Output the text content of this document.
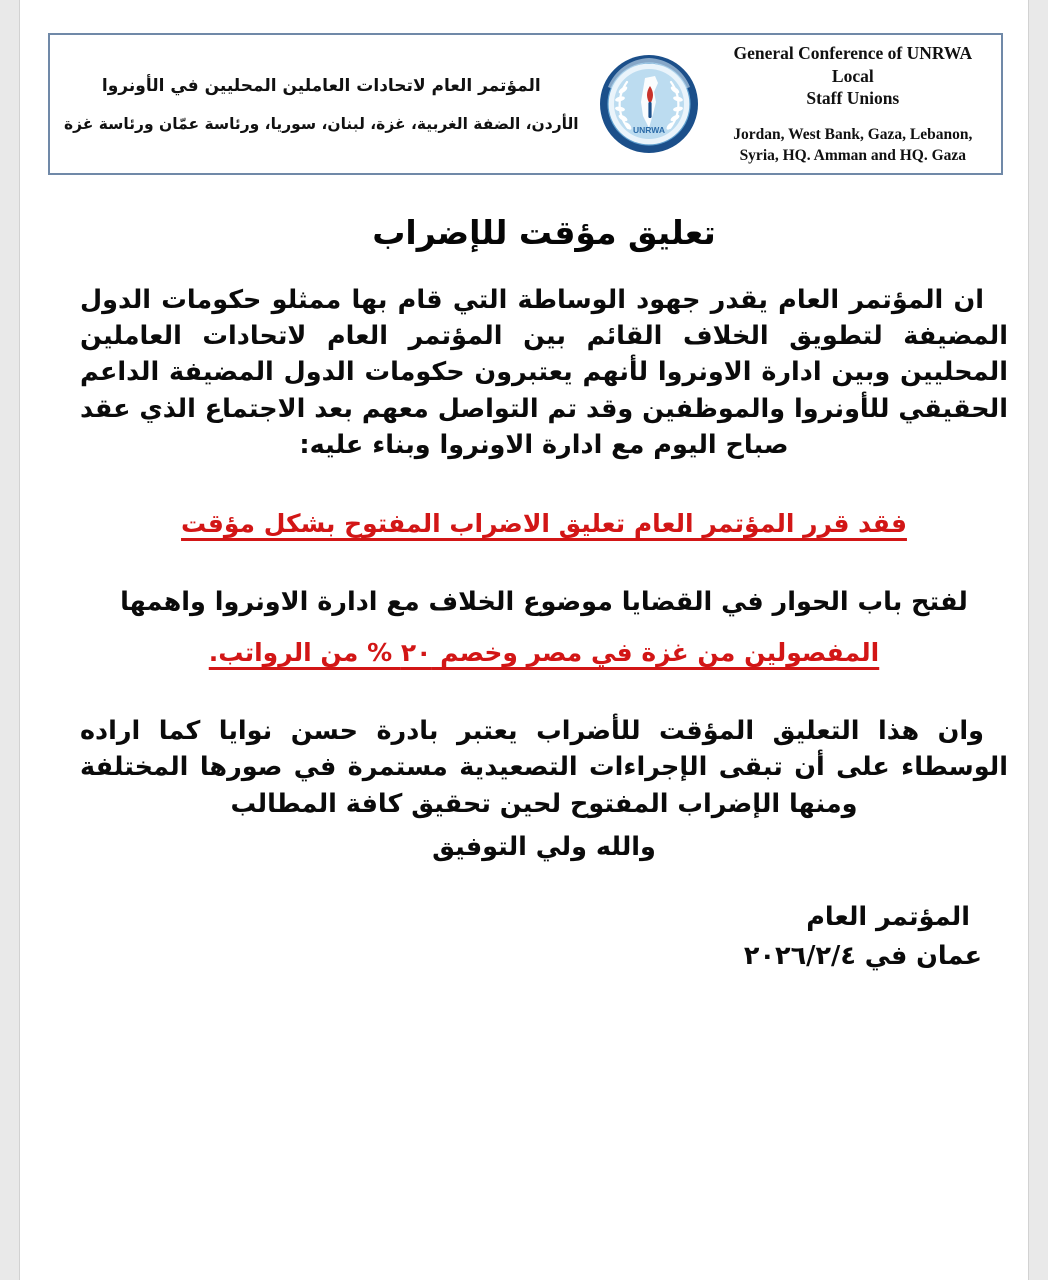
المؤتمر العام لاتحادات العاملين المحليين في الأونروا
الأردن، الضفة الغربية، غزة، لبنان، سوريا، ورئاسة عمّان ورئاسة غزة	UNRWA
General Conference of UNRWA Local
Staff Unions
Jordan, West Bank, Gaza, Lebanon,
Syria, HQ. Amman and HQ. Gaza
تعليق مؤقت للإضراب

ان المؤتمر العام يقدر جهود الوساطة التي قام بها ممثلو حكومات الدول المضيفة لتطويق الخلاف القائم بين المؤتمر العام لاتحادات العاملين المحليين وبين ادارة الاونروا لأنهم يعتبرون حكومات الدول المضيفة الداعم الحقيقي للأونروا والموظفين وقد تم التواصل معهم بعد الاجتماع الذي عقد صباح اليوم مع ادارة الاونروا وبناء عليه:

فقد قرر المؤتمر العام تعليق الاضراب المفتوح بشكل مؤقت

لفتح باب الحوار في القضايا موضوع الخلاف مع ادارة الاونروا واهمها

المفصولين من غزة في مصر وخصم ٢٠ % من الرواتب.

وان هذا التعليق المؤقت للأضراب يعتبر بادرة حسن نوايا كما اراده الوسطاء على أن تبقى الإجراءات التصعيدية مستمرة في صورها المختلفة ومنها الإضراب المفتوح لحين تحقيق كافة المطالب

والله ولي التوفيق
المؤتمر العام
عمان في ٢٠٢٦/٢/٤
